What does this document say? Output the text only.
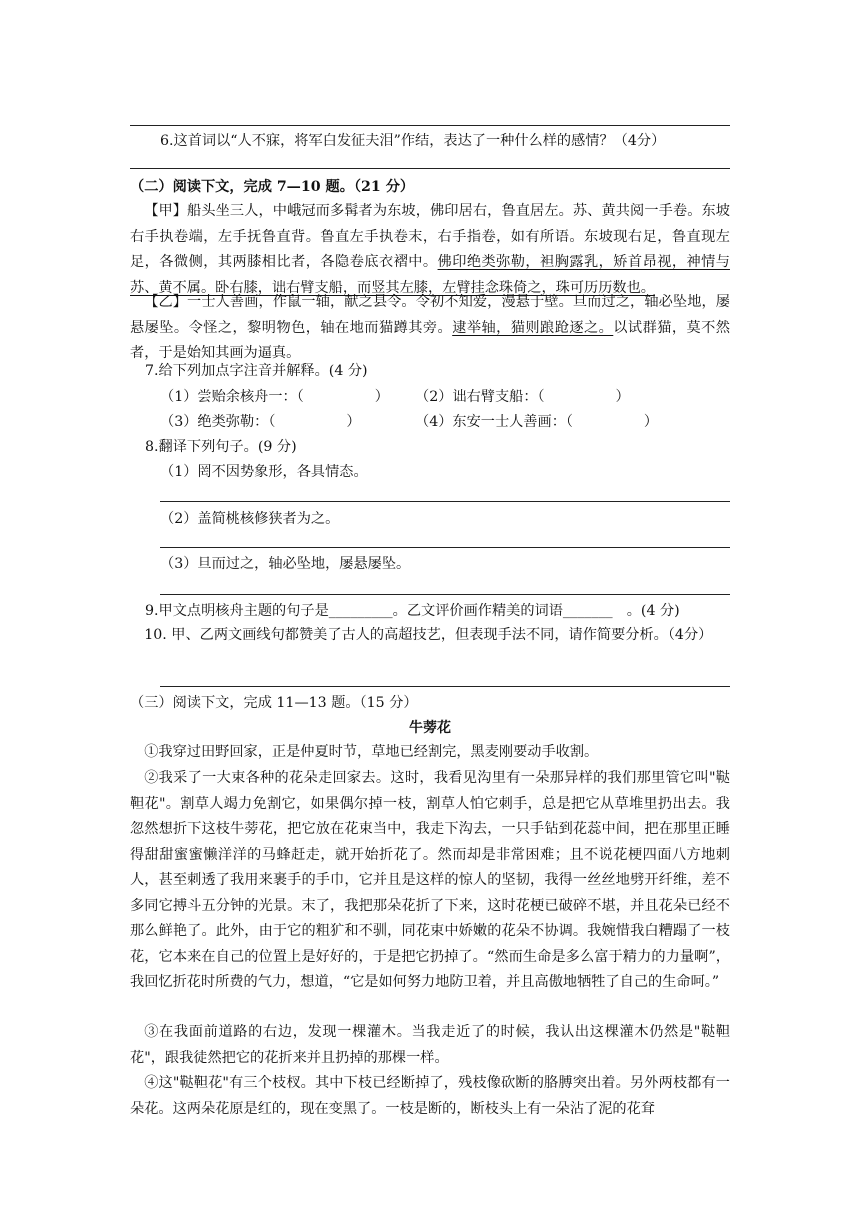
6.这首词以“人不寐，将军白发征夫泪”作结，表达了一种什么样的感情？（4分）
（二）阅读下文，完成 7—10 题。（21 分）
【甲】船头坐三人，中峨冠而多髯者为东坡，佛印居右，鲁直居左。苏、黄共阅一手卷。东坡右手执卷端，左手抚鲁直背。鲁直左手执卷末，右手指卷，如有所语。东坡现右足，鲁直现左足，各微侧，其两膝相比者，各隐卷底衣褶中。佛印绝类弥勒，袒胸露乳，矫首昂视，神情与苏、黄不属。卧右膝，诎右臂支船，而竖其左膝，左臂挂念珠倚之，珠可历历数也。
【乙】一士人善画，作鼠一轴，献之县令。令初不知爱，漫悬于壁。旦而过之，轴必坠地，屡悬屡坠。令怪之，黎明物色，轴在地而猫蹲其旁。逮举轴，猫则踉跄逐之。以试群猫，莫不然者，于是始知其画为逼真。
7.给下列加点字注音并解释。(4 分)
（1）尝贻余核舟一：（　　　　　） （2）诎右臂支船：（　　　　　）
（3）绝类弥勒：（　　　　　）	（4）东安一士人善画：（　　　　　）
8.翻译下列句子。(9 分)
（1）罔不因势象形，各具情态。
（2）盖简桃核修狭者为之。
（3）旦而过之，轴必坠地，屡悬屡坠。
9.甲文点明核舟主题的句子是_________。乙文评价画作精美的词语_______　。(4 分)
10. 甲、乙两文画线句都赞美了古人的高超技艺，但表现手法不同，请作简要分析。（4分）
（三）阅读下文，完成 11—13 题。（15 分）
牛蒡花
①我穿过田野回家，正是仲夏时节，草地已经割完，黑麦刚要动手收割。
②我采了一大束各种的花朵走回家去。这时，我看见沟里有一朵那异样的我们那里管它叫"鞑靼花"。割草人竭力免割它，如果偶尔掉一枝，割草人怕它刺手，总是把它从草堆里扔出去。我忽然想折下这枝牛蒡花，把它放在花束当中，我走下沟去，一只手钻到花蕊中间，把在那里正睡得甜甜蜜蜜懒洋洋的马蜂赶走，就开始折花了。然而却是非常困难；且不说花梗四面八方地刺人，甚至刺透了我用来裹手的手巾，它并且是这样的惊人的坚韧，我得一丝丝地劈开纤维，差不多同它搏斗五分钟的光景。末了，我把那朵花折了下来，这时花梗已破碎不堪，并且花朵已经不那么鲜艳了。此外，由于它的粗犷和不驯，同花束中娇嫩的花朵不协调。我婉惜我白糟蹋了一枝花，它本来在自己的位置上是好好的，于是把它扔掉了。“然而生命是多么富于精力的力量啊”，我回忆折花时所费的气力，想道，“它是如何努力地防卫着，并且高傲地牺牲了自己的生命呵。”
③在我面前道路的右边，发现一棵灌木。当我走近了的时候，我认出这棵灌木仍然是"鞑靼花"，跟我徒然把它的花折来并且扔掉的那棵一样。
④这"鞑靼花"有三个枝杈。其中下枝已经断掉了，残枝像砍断的胳膊突出着。另外两枝都有一朵花。这两朵花原是红的，现在变黑了。一枝是断的，断枝头上有一朵沾了泥的花耷
